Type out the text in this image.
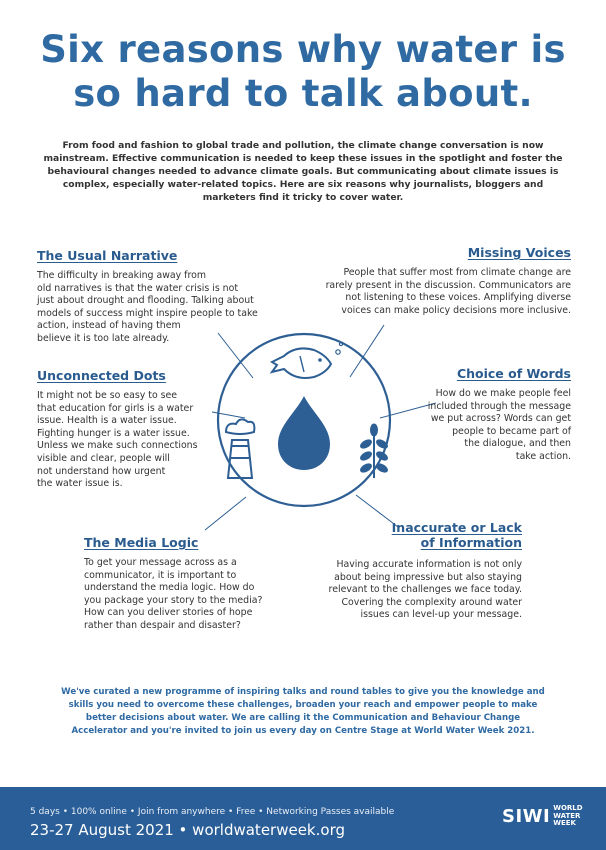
Six reasons why water is
so hard to talk about.
From food and fashion to global trade and pollution, the climate change conversation is now mainstream. Effective communication is needed to keep these issues in the spotlight and foster the behavioural changes needed to advance climate goals. But communicating about climate issues is complex, especially water-related topics. Here are six reasons why journalists, bloggers and marketers find it tricky to cover water.
The Usual Narrative
The difficulty in breaking away from
old narratives is that the water crisis is not
just about drought and flooding. Talking about
models of success might inspire people to take
action, instead of having them
believe it is too late already.
Missing Voices
People that suffer most from climate change are
rarely present in the discussion. Communicators are
not listening to these voices. Amplifying diverse
voices can make policy decisions more inclusive.
Unconnected Dots
It might not be so easy to see
that education for girls is a water
issue. Health is a water issue.
Fighting hunger is a water issue.
Unless we make such connections
visible and clear, people will
not understand how urgent
the water issue is.
Choice of Words
How do we make people feel
included through the message
we put across? Words can get
people to became part of
the dialogue, and then
take action.
The Media Logic
To get your message across as a
communicator, it is important to
understand the media logic. How do
you package your story to the media?
How can you deliver stories of hope
rather than despair and disaster?
Inaccurate or Lack
of Information
Having accurate information is not only
about being impressive but also staying
relevant to the challenges we face today.
Covering the complexity around water
issues can level-up your message.
We've curated a new programme of inspiring talks and round tables to give you the knowledge and skills you need to overcome these challenges, broaden your reach and empower people to make better decisions about water. We are calling it the Communication and Behaviour Change Accelerator and you're invited to join us every day on Centre Stage at World Water Week 2021.
5 days • 100% online • Join from anywhere • Free • Networking Passes available
23-27 August 2021 • worldwaterweek.org
SIWI WORLD
WATER
WEEK
